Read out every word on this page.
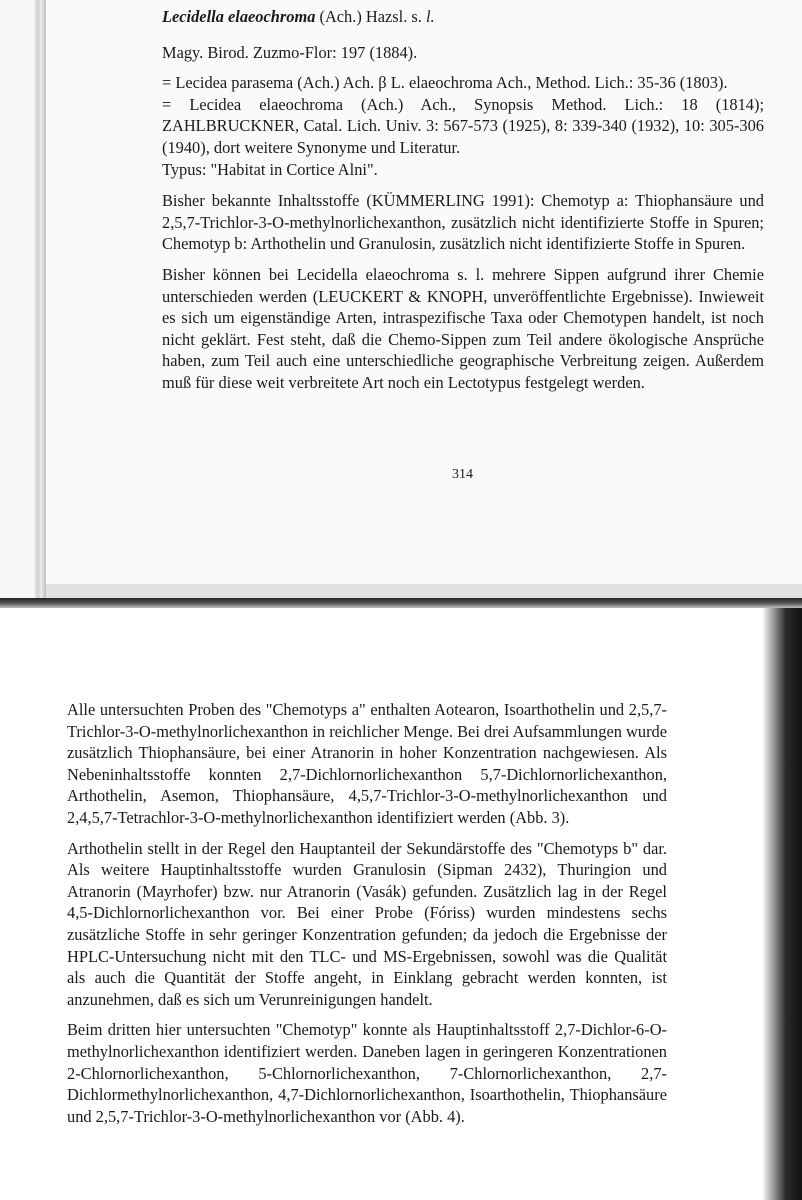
Lecidella elaeochroma (Ach.) Hazsl. s. l.
Magy. Birod. Zuzmo-Flor: 197 (1884).
= Lecidea parasema (Ach.) Ach. β L. elaeochroma Ach., Method. Lich.: 35-36 (1803).
= Lecidea elaeochroma (Ach.) Ach., Synopsis Method. Lich.: 18 (1814); ZAHLBRUCKNER, Catal. Lich. Univ. 3: 567-573 (1925), 8: 339-340 (1932), 10: 305-306 (1940), dort weitere Synonyme und Literatur.
Typus: "Habitat in Cortice Alni".
Bisher bekannte Inhaltsstoffe (KÜMMERLING 1991): Chemotyp a: Thiophansäure und 2,5,7-Trichlor-3-O-methylnorlichexanthon, zusätzlich nicht identifizierte Stoffe in Spuren; Chemotyp b: Arthothelin und Granulosin, zusätzlich nicht identifizierte Stoffe in Spuren.
Bisher können bei Lecidella elaeochroma s. l. mehrere Sippen aufgrund ihrer Chemie unterschieden werden (LEUCKERT & KNOPH, unveröffentlichte Ergebnisse). Inwieweit es sich um eigenständige Arten, intraspezifische Taxa oder Chemotypen handelt, ist noch nicht geklärt. Fest steht, daß die Chemo-Sippen zum Teil andere ökologische Ansprüche haben, zum Teil auch eine unterschiedliche geographische Verbreitung zeigen. Außerdem muß für diese weit verbreitete Art noch ein Lectotypus festgelegt werden.
314
Alle untersuchten Proben des "Chemotyps a" enthalten Aotearon, Isoarthothelin und 2,5,7-Trichlor-3-O-methylnorlichexanthon in reichlicher Menge. Bei drei Aufsammlungen wurde zusätzlich Thiophansäure, bei einer Atranorin in hoher Konzentration nachgewiesen. Als Nebeninhaltsstoffe konnten 2,7-Dichlornorlichexanthon 5,7-Dichlornorlichexanthon, Arthothelin, Asemon, Thiophansäure, 4,5,7-Trichlor-3-O-methylnorlichexanthon und 2,4,5,7-Tetrachlor-3-O-methylnorlichexanthon identifiziert werden (Abb. 3).
Arthothelin stellt in der Regel den Hauptanteil der Sekundärstoffe des "Chemotyps b" dar. Als weitere Hauptinhaltsstoffe wurden Granulosin (Sipman 2432), Thuringion und Atranorin (Mayrhofer) bzw. nur Atranorin (Vasák) gefunden. Zusätzlich lag in der Regel 4,5-Dichlornorlichexanthon vor. Bei einer Probe (Fóriss) wurden mindestens sechs zusätzliche Stoffe in sehr geringer Konzentration gefunden; da jedoch die Ergebnisse der HPLC-Untersuchung nicht mit den TLC- und MS-Ergebnissen, sowohl was die Qualität als auch die Quantität der Stoffe angeht, in Einklang gebracht werden konnten, ist anzunehmen, daß es sich um Verunreinigungen handelt.
Beim dritten hier untersuchten "Chemotyp" konnte als Hauptinhaltsstoff 2,7-Dichlor-6-O-methylnorlichexanthon identifiziert werden. Daneben lagen in geringeren Konzentrationen 2-Chlornorlichexanthon, 5-Chlornorlichexanthon, 7-Chlornorlichexanthon, 2,7-Dichlormethylnorlichexanthon, 4,7-Dichlornorlichexanthon, Isoarthothelin, Thiophansäure und 2,5,7-Trichlor-3-O-methylnorlichexanthon vor (Abb. 4).
